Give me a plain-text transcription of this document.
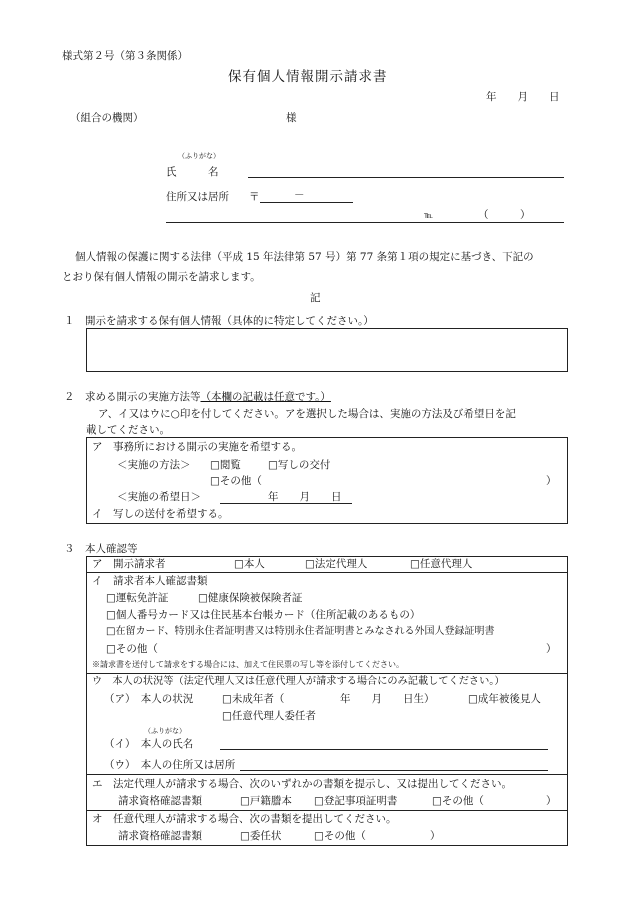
様式第２号（第３条関係）
保有個人情報開示請求書
年　　月　　日
（組合の機関）	様
（ふりがな）
氏　　　名
住所又は居所 〒	－
℡	（　　　）
個人情報の保護に関する法律（平成 15 年法律第 57 号）第 77 条第１項の規定に基づき、下記の
とおり保有個人情報の開示を請求します。
記
１　開示を請求する保有個人情報（具体的に特定してください。）
２　求める開示の実施方法等（本欄の記載は任意です。）
ア、イ又はウに○印を付してください。アを選択した場合は、実施の方法及び希望日を記
載してください。
ア　事務所における開示の実施を希望する。
＜実施の方法＞ □閲覧	□写しの交付
□その他（	）
＜実施の希望日＞	年　　月　　日
イ　写しの送付を希望する。
３　本人確認等
ア　開示請求者	□本人	□法定代理人	□任意代理人
イ　請求者本人確認書類
□運転免許証	□健康保険被保険者証
□個人番号カード又は住民基本台帳カード（住所記載のあるもの）
□在留カード、特別永住者証明書又は特別永住者証明書とみなされる外国人登録証明書
□その他（	）
※請求書を送付して請求をする場合には、加えて住民票の写し等を添付してください。
ウ　本人の状況等（法定代理人又は任意代理人が請求する場合にのみ記載してください。）
（ア）　本人の状況	□未成年者（	年　　月　　日生）	□成年被後見人
□任意代理人委任者
（ふりがな）
（イ）　本人の氏名
（ウ）　本人の住所又は居所
エ　法定代理人が請求する場合、次のいずれかの書類を提示し、又は提出してください。
請求資格確認書類	□戸籍謄本 □登記事項証明書	□その他（	）
オ　任意代理人が請求する場合、次の書類を提出してください。
請求資格確認書類	□委任状	□その他（	）
